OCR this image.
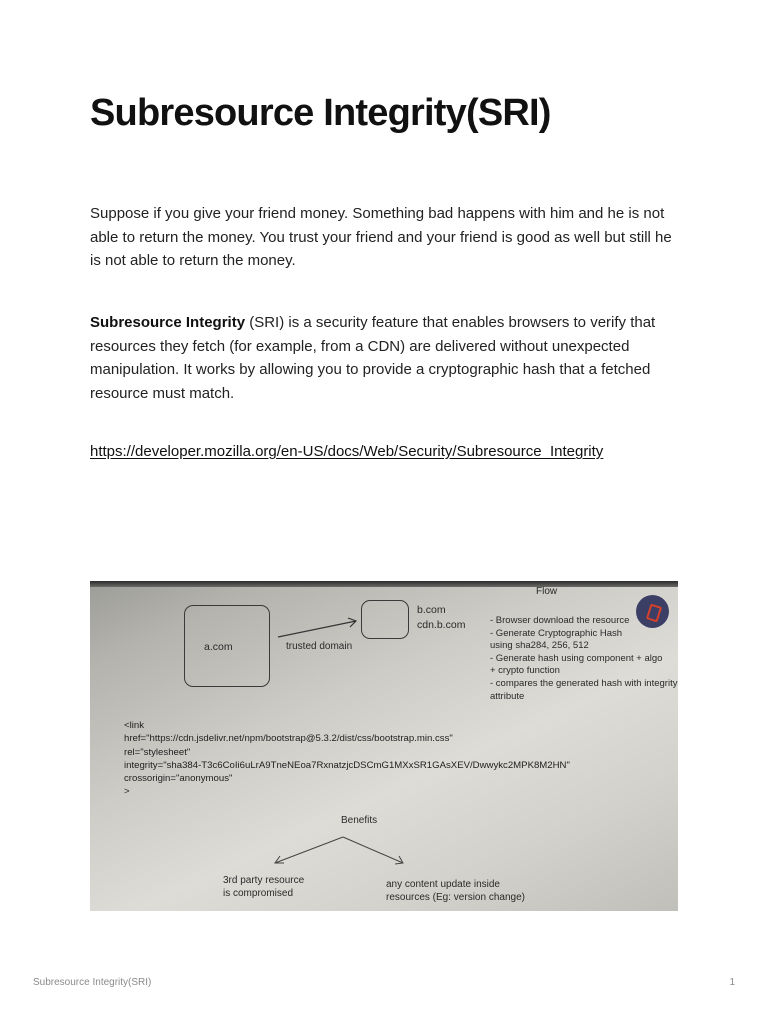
Subresource Integrity(SRI)

Suppose if you give your friend money. Something bad happens with him and he is not able to return the money. You trust your friend and your friend is good as well but still he is not able to return the money.

Subresource Integrity (SRI) is a security feature that enables browsers to verify that resources they fetch (for example, from a CDN) are delivered without unexpected manipulation. It works by allowing you to provide a cryptographic hash that a fetched resource must match.

https://developer.mozilla.org/en-US/docs/Web/Security/Subresource_Integrity
Flow
a.com	trusted domain
b.com
cdn.b.com	- Browser download the resource
- Generate Cryptographic Hash
using sha284, 256, 512
- Generate hash using component + algo
+ crypto function
- compares the generated hash with integrity
attribute
<link
href="https://cdn.jsdelivr.net/npm/bootstrap@5.3.2/dist/css/bootstrap.min.css"
rel="stylesheet"
integrity="sha384-T3c6CoIi6uLrA9TneNEoa7RxnatzjcDSCmG1MXxSR1GAsXEV/Dwwykc2MPK8M2HN"
crossorigin="anonymous"
>
Benefits
3rd party resource
is compromised
any content update inside
resources (Eg: version change)
Subresource Integrity(SRI)	1
